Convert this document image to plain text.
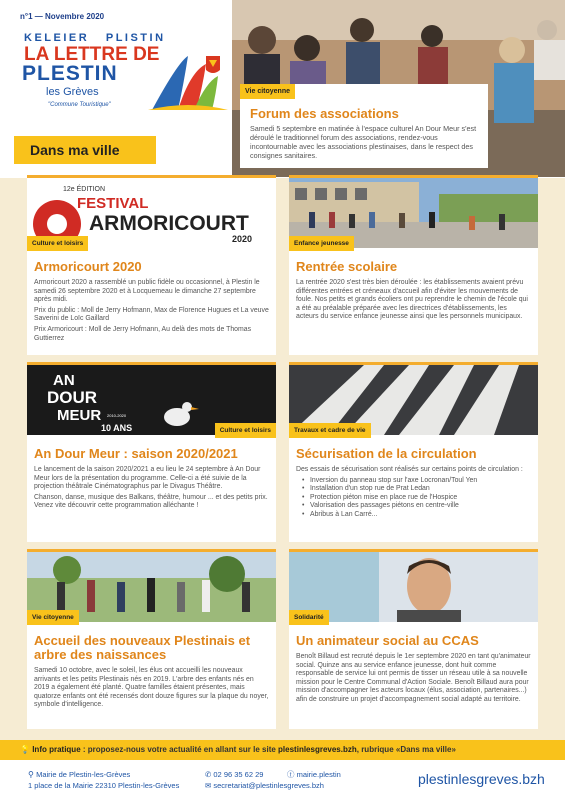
n°1 — Novembre 2020
KELEIER PLISTIN
LA LETTRE DE
PLESTIN
les Grèves
"Commune Touristique"
Dans ma ville
Forum des associations
Samedi 5 septembre en matinée à l'espace culturel An Dour Meur s'est déroulé le traditionnel forum des associations, rendez-vous incontournable avec les associations plestinaises, dans le respect des consignes sanitaires.
Vie citoyenne
12e ÉDITION
FESTIVAL
ARMORICOURT
2020
Culture et loisirs
Armoricourt 2020

Armoricourt 2020 a rassemblé un public fidèle ou occasionnel, à Plestin le samedi 26 septembre 2020 et à Locquemeau le dimanche 27 septembre après midi.

Prix du public : Moll de Jerry Hofmann, Max de Florence Hugues et La veuve Saverini de Loïc Gaillard

Prix Armoricourt : Moll de Jerry Hofmann, Au delà des mots de Thomas Guttierrez

Enfance jeunesse
Rentrée scolaire

La rentrée 2020 s'est très bien déroulée : les établissements avaient prévu différentes entrées et créneaux d'accueil afin d'éviter les mouvements de foule. Nos petits et grands écoliers ont pu reprendre le chemin de l'école qui a été au préalable préparée avec les directrices d'établissements, les acteurs du service enfance jeunesse ainsi que les personnels municipaux.

AN
DOUR
MEUR
10 ANS
2010-2020
Culture et loisirs
An Dour Meur : saison 2020/2021

Le lancement de la saison 2020/2021 a eu lieu le 24 septembre à An Dour Meur lors de la présentation du programme. Celle-ci a été suivie de la projection théâtrale Cinématographus par le Divagus Théâtre.

Chanson, danse, musique des Balkans, théâtre, humour ... et des petits prix. Venez vite découvrir cette programmation alléchante !

Travaux et cadre de vie
Sécurisation de la circulation

Des essais de sécurisation sont réalisés sur certains points de circulation :

• Inversion du panneau stop sur l'axe Locronan/Toul Yen
• Installation d'un stop rue de Prat Ledan
• Protection piéton mise en place rue de l'Hospice
• Valorisation des passages piétons en centre-ville
• Abribus à Lan Carré...
Vie citoyenne
Accueil des nouveaux Plestinais et arbre des naissances

Samedi 10 octobre, avec le soleil, les élus ont accueilli les nouveaux arrivants et les petits Plestinais nés en 2019. L'arbre des enfants nés en 2019 a également été planté. Quatre familles étaient présentes, mais quatorze enfants ont été recensés dont douze figures sur la plaque du noyer, symbole d'intelligence.

Solidarité
Un animateur social au CCAS

Benoît Billaud est recruté depuis le 1er septembre 2020 en tant qu'animateur social. Quinze ans au service enfance jeunesse, dont huit comme responsable de service lui ont permis de tisser un réseau utile à sa nouvelle mission pour le Centre Communal d'Action Sociale. Benoît Billaud aura pour mission d'accompagner les acteurs locaux (élus, association, partenaires...) afin de construire un projet d'accompagnement social adapté au territoire.

💡 Info pratique : proposez-nous votre actualité en allant sur le site plestinlesgreves.bzh, rubrique «Dans ma ville»
⚲ Mairie de Plestin-les-Grèves
1 place de la Mairie 22310 Plestin-les-Grèves
✆ 02 96 35 62 29
✉ secretariat@plestinlesgreves.bzh
ⓕ mairie.plestin	plestinlesgreves.bzh
